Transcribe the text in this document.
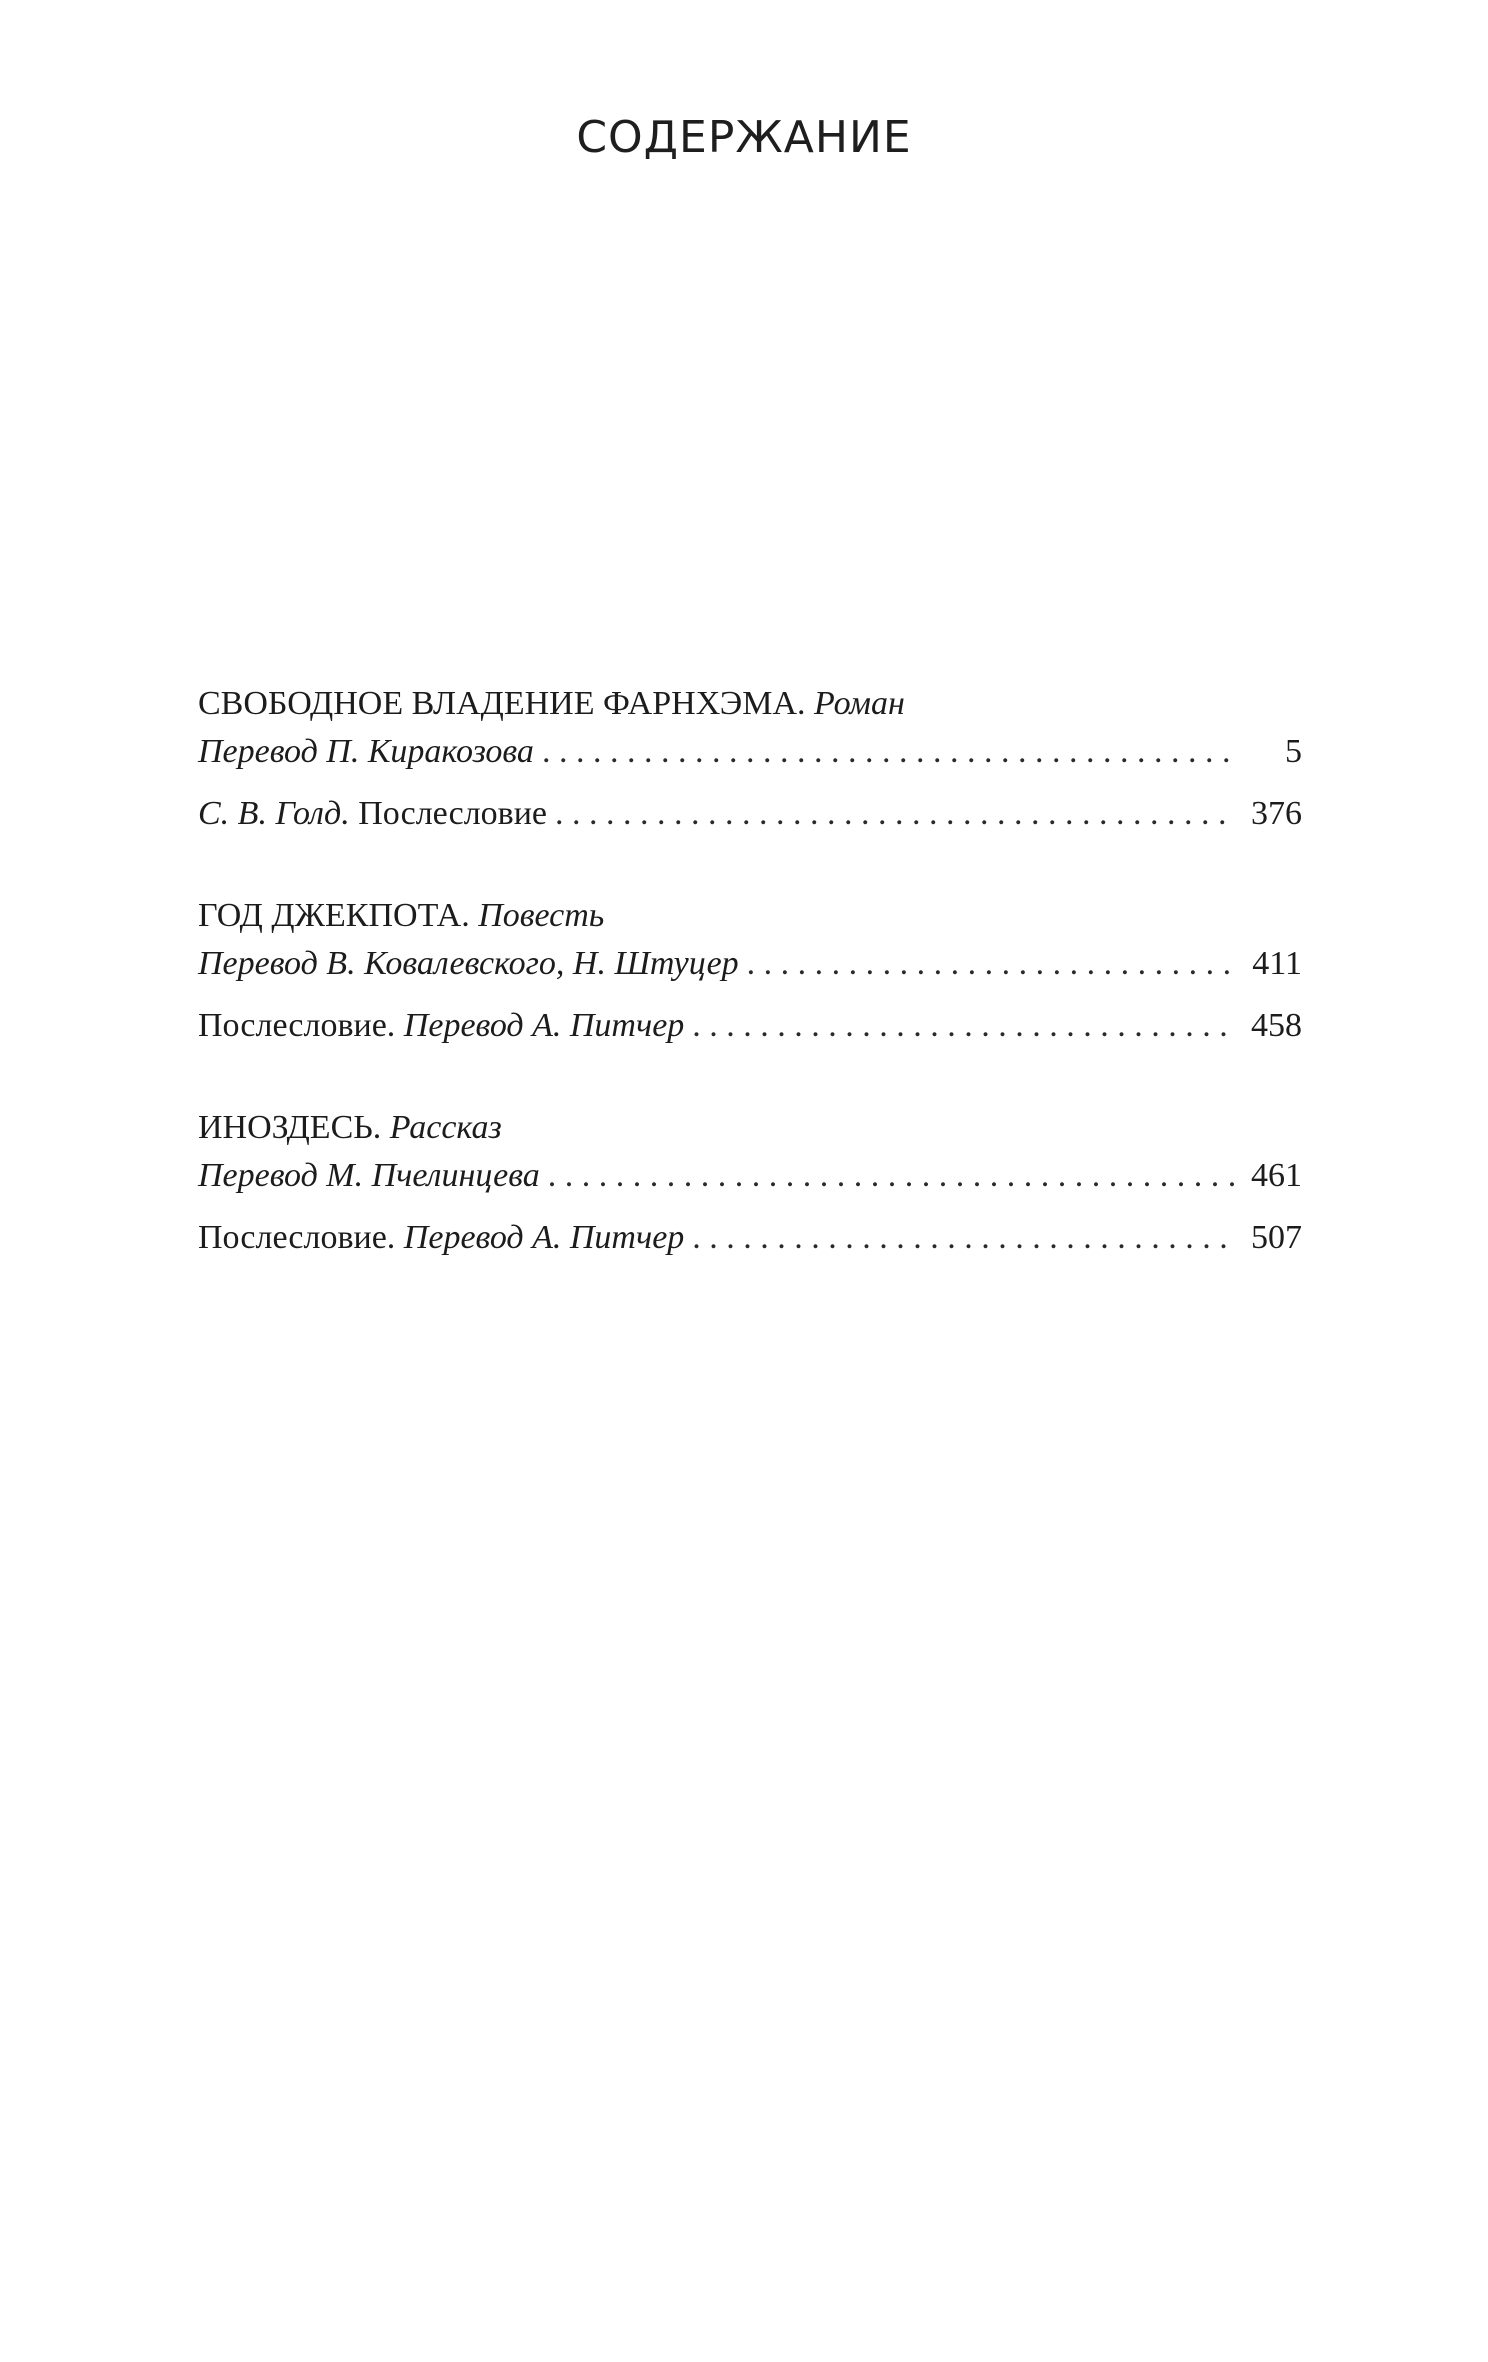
СОДЕРЖАНИЕ
СВОБОДНОЕ ВЛАДЕНИЕ ФАРНХЭМА. Роман
Перевод П. Киракозова . . .	5
С. В. Голд. Послесловие . . .	376
ГОД ДЖЕКПОТА. Повесть
Перевод В. Ковалевского, Н. Штуцер . . .	411
Послесловие. Перевод А. Питчер . . .	458
ИНОЗДЕСЬ. Рассказ
Перевод М. Пчелинцева . . .	461
Послесловие. Перевод А. Питчер . . .	507
